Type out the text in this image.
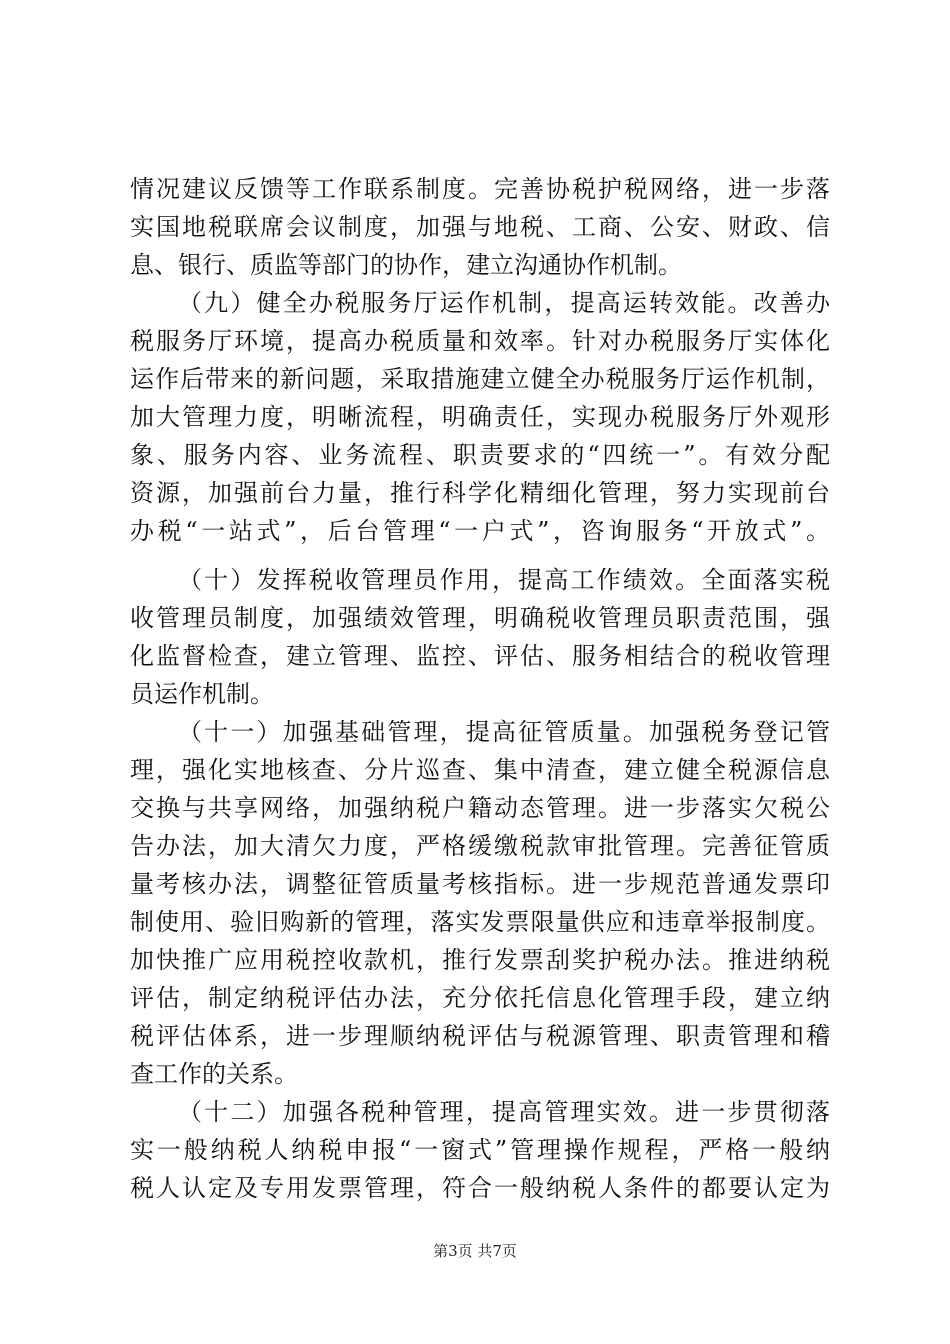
情况建议反馈等工作联系制度。完善协税护税网络，进一步落
实国地税联席会议制度，加强与地税、工商、公安、财政、信
息、银行、质监等部门的协作，建立沟通协作机制。
（九）健全办税服务厅运作机制，提高运转效能。改善办
税服务厅环境，提高办税质量和效率。针对办税服务厅实体化
运作后带来的新问题，采取措施建立健全办税服务厅运作机制，
加大管理力度，明晰流程，明确责任，实现办税服务厅外观形
象、服务内容、业务流程、职责要求的“四统一”。有效分配
资源，加强前台力量，推行科学化精细化管理，努力实现前台
办税“一站式”，后台管理“一户式”，咨询服务“开放式”。
（十）发挥税收管理员作用，提高工作绩效。全面落实税
收管理员制度，加强绩效管理，明确税收管理员职责范围，强
化监督检查，建立管理、监控、评估、服务相结合的税收管理
员运作机制。
（十一）加强基础管理，提高征管质量。加强税务登记管
理，强化实地核查、分片巡查、集中清查，建立健全税源信息
交换与共享网络，加强纳税户籍动态管理。进一步落实欠税公
告办法，加大清欠力度，严格缓缴税款审批管理。完善征管质
量考核办法，调整征管质量考核指标。进一步规范普通发票印
制使用、验旧购新的管理，落实发票限量供应和违章举报制度。
加快推广应用税控收款机，推行发票刮奖护税办法。推进纳税
评估，制定纳税评估办法，充分依托信息化管理手段，建立纳
税评估体系，进一步理顺纳税评估与税源管理、职责管理和稽
查工作的关系。
（十二）加强各税种管理，提高管理实效。进一步贯彻落
实一般纳税人纳税申报“一窗式”管理操作规程，严格一般纳
税人认定及专用发票管理，符合一般纳税人条件的都要认定为
第3页 共7页
